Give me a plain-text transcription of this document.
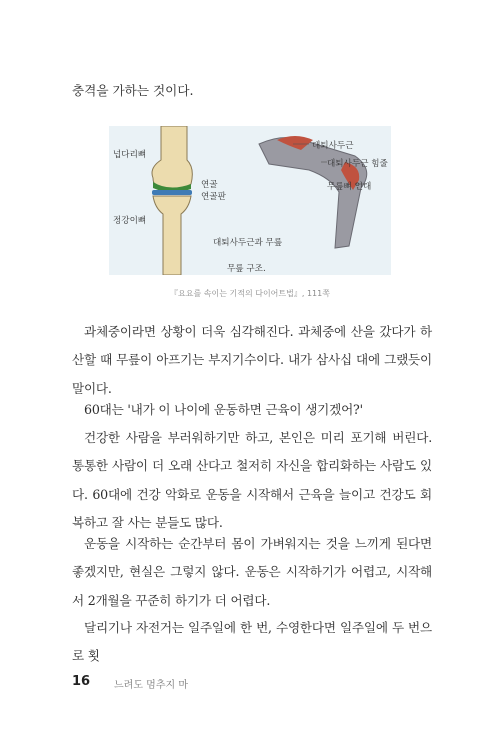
충격을 가하는 것이다.

넙다리뼈
정강이뼈
연골
연골판
대퇴사두근과 무릎
무릎 구조.
대퇴사두근
대퇴사두근 힘줄
무릎뼈 인대
『요요를 속이는 기적의 다이어트법』, 111쪽

과체중이라면 상황이 더욱 심각해진다. 과체중에 산을 갔다가 하산할 때 무릎이 아프기는 부지기수이다. 내가 삼사십 대에 그랬듯이 말이다.

60대는 '내가 이 나이에 운동하면 근육이 생기겠어?'

건강한 사람을 부러워하기만 하고, 본인은 미리 포기해 버린다. 통통한 사람이 더 오래 산다고 철저히 자신을 합리화하는 사람도 있다. 60대에 건강 악화로 운동을 시작해서 근육을 늘이고 건강도 회복하고 잘 사는 분들도 많다.

운동을 시작하는 순간부터 몸이 가벼워지는 것을 느끼게 된다면 좋겠지만, 현실은 그렇지 않다. 운동은 시작하기가 어렵고, 시작해서 2개월을 꾸준히 하기가 더 어렵다.

달리기나 자전거는 일주일에 한 번, 수영한다면 일주일에 두 번으로 횟

16 느려도 멈추지 마
